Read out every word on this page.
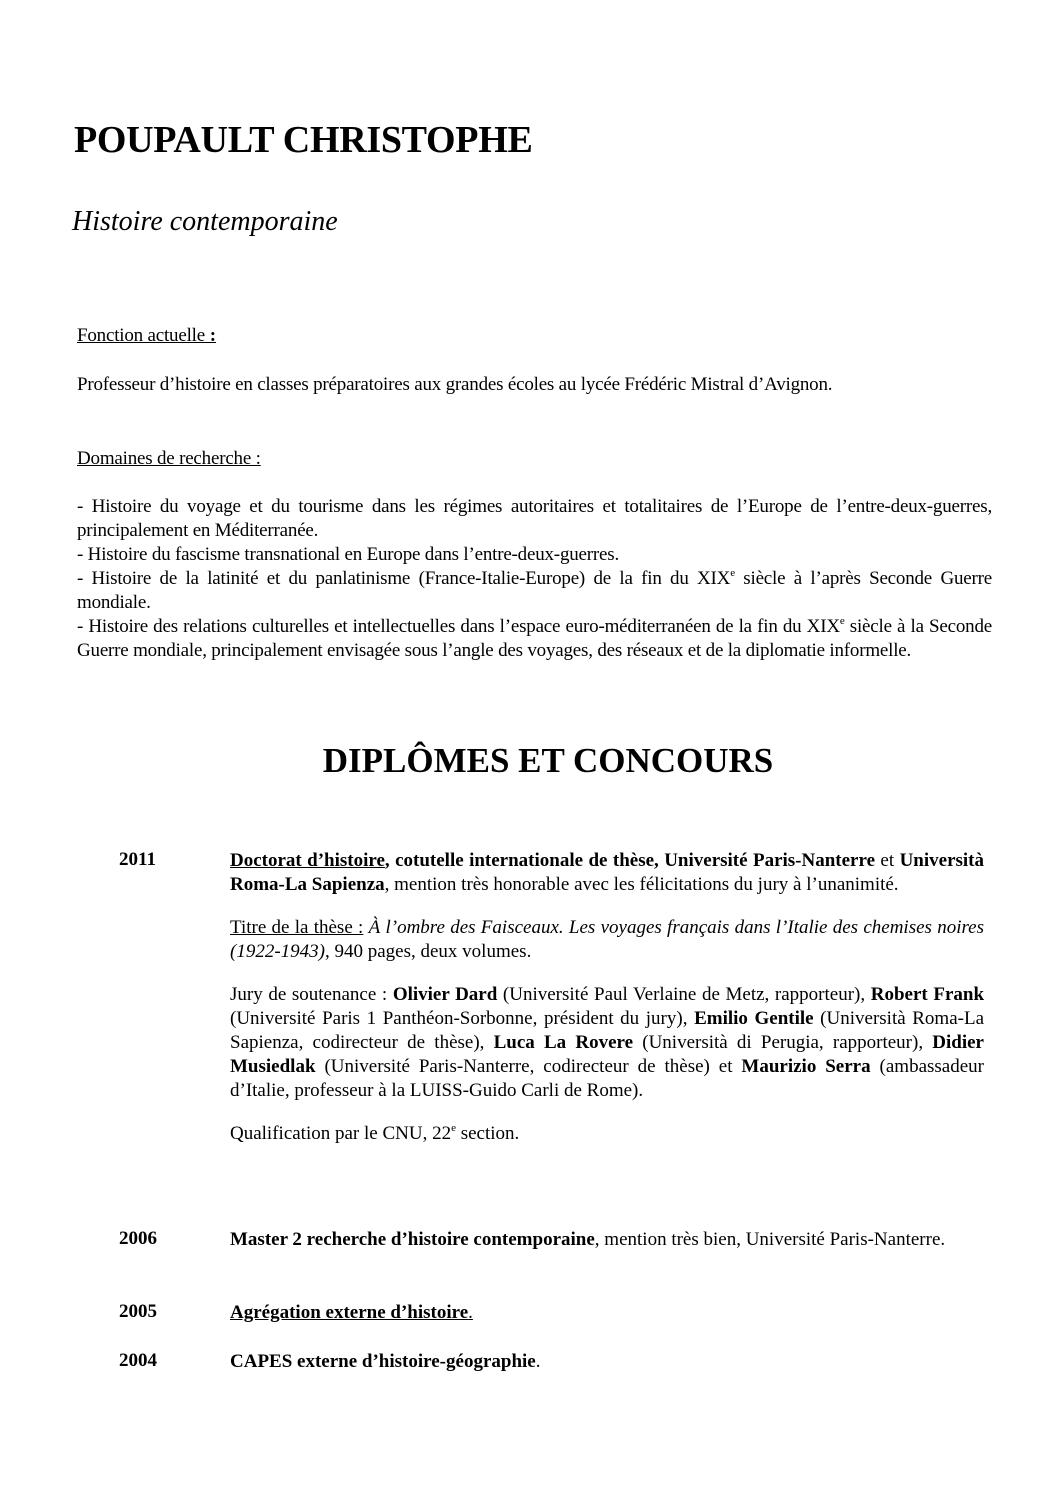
POUPAULT CHRISTOPHE
Histoire contemporaine
Fonction actuelle :
Professeur d’histoire en classes préparatoires aux grandes écoles au lycée Frédéric Mistral d’Avignon.
Domaines de recherche :

- Histoire du voyage et du tourisme dans les régimes autoritaires et totalitaires de l’Europe de l’entre-deux-guerres, principalement en Méditerranée.

- Histoire du fascisme transnational en Europe dans l’entre-deux-guerres.

- Histoire de la latinité et du panlatinisme (France-Italie-Europe) de la fin du XIXe siècle à l’après Seconde Guerre mondiale.

- Histoire des relations culturelles et intellectuelles dans l’espace euro-méditerranéen de la fin du XIXe siècle à la Seconde Guerre mondiale, principalement envisagée sous l’angle des voyages, des réseaux et de la diplomatie informelle.

DIPLÔMES ET CONCOURS
2011	Doctorat d’histoire, cotutelle internationale de thèse, Université Paris-Nanterre et Università Roma-La Sapienza, mention très honorable avec les félicitations du jury à l’unanimité.

Titre de la thèse : À l’ombre des Faisceaux. Les voyages français dans l’Italie des chemises noires (1922-1943), 940 pages, deux volumes.

Jury de soutenance : Olivier Dard (Université Paul Verlaine de Metz, rapporteur), Robert Frank (Université Paris 1 Panthéon-Sorbonne, président du jury), Emilio Gentile (Università Roma-La Sapienza, codirecteur de thèse), Luca La Rovere (Università di Perugia, rapporteur), Didier Musiedlak (Université Paris-Nanterre, codirecteur de thèse) et Maurizio Serra (ambassadeur d’Italie, professeur à la LUISS-Guido Carli de Rome).

Qualification par le CNU, 22e section.

2006	Master 2 recherche d’histoire contemporaine, mention très bien, Université Paris-Nanterre.

2005	Agrégation externe d’histoire.

2004	CAPES externe d’histoire-géographie.
